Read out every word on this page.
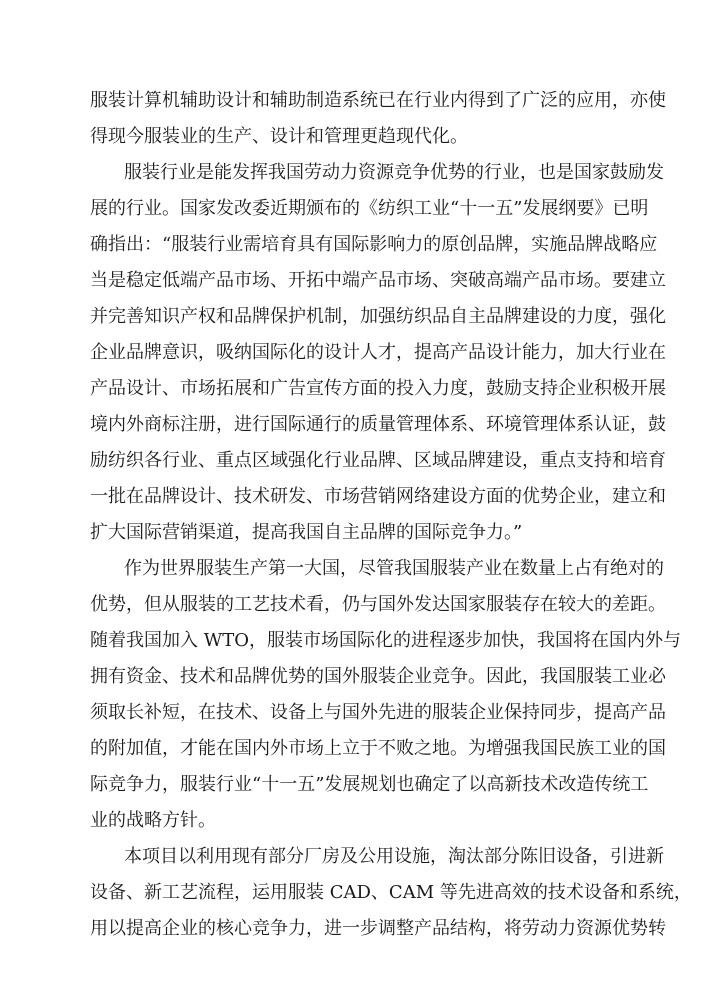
服装计算机辅助设计和辅助制造系统已在行业内得到了广泛的应用，亦使
得现今服装业的生产、设计和管理更趋现代化。
服装行业是能发挥我国劳动力资源竞争优势的行业，也是国家鼓励发
展的行业。国家发改委近期颁布的《纺织工业“十一五”发展纲要》已明
确指出：“服装行业需培育具有国际影响力的原创品牌，实施品牌战略应
当是稳定低端产品市场、开拓中端产品市场、突破高端产品市场。要建立
并完善知识产权和品牌保护机制，加强纺织品自主品牌建设的力度，强化
企业品牌意识，吸纳国际化的设计人才，提高产品设计能力，加大行业在
产品设计、市场拓展和广告宣传方面的投入力度，鼓励支持企业积极开展
境内外商标注册，进行国际通行的质量管理体系、环境管理体系认证，鼓
励纺织各行业、重点区域强化行业品牌、区域品牌建设，重点支持和培育
一批在品牌设计、技术研发、市场营销网络建设方面的优势企业，建立和
扩大国际营销渠道，提高我国自主品牌的国际竞争力。”
作为世界服装生产第一大国，尽管我国服装产业在数量上占有绝对的
优势，但从服装的工艺技术看，仍与国外发达国家服装存在较大的差距。
随着我国加入 WTO，服装市场国际化的进程逐步加快，我国将在国内外与
拥有资金、技术和品牌优势的国外服装企业竞争。因此，我国服装工业必
须取长补短，在技术、设备上与国外先进的服装企业保持同步，提高产品
的附加值，才能在国内外市场上立于不败之地。为增强我国民族工业的国
际竞争力，服装行业“十一五”发展规划也确定了以高新技术改造传统工
业的战略方针。
本项目以利用现有部分厂房及公用设施，淘汰部分陈旧设备，引进新
设备、新工艺流程，运用服装 CAD、CAM 等先进高效的技术设备和系统，
用以提高企业的核心竞争力，进一步调整产品结构，将劳动力资源优势转
